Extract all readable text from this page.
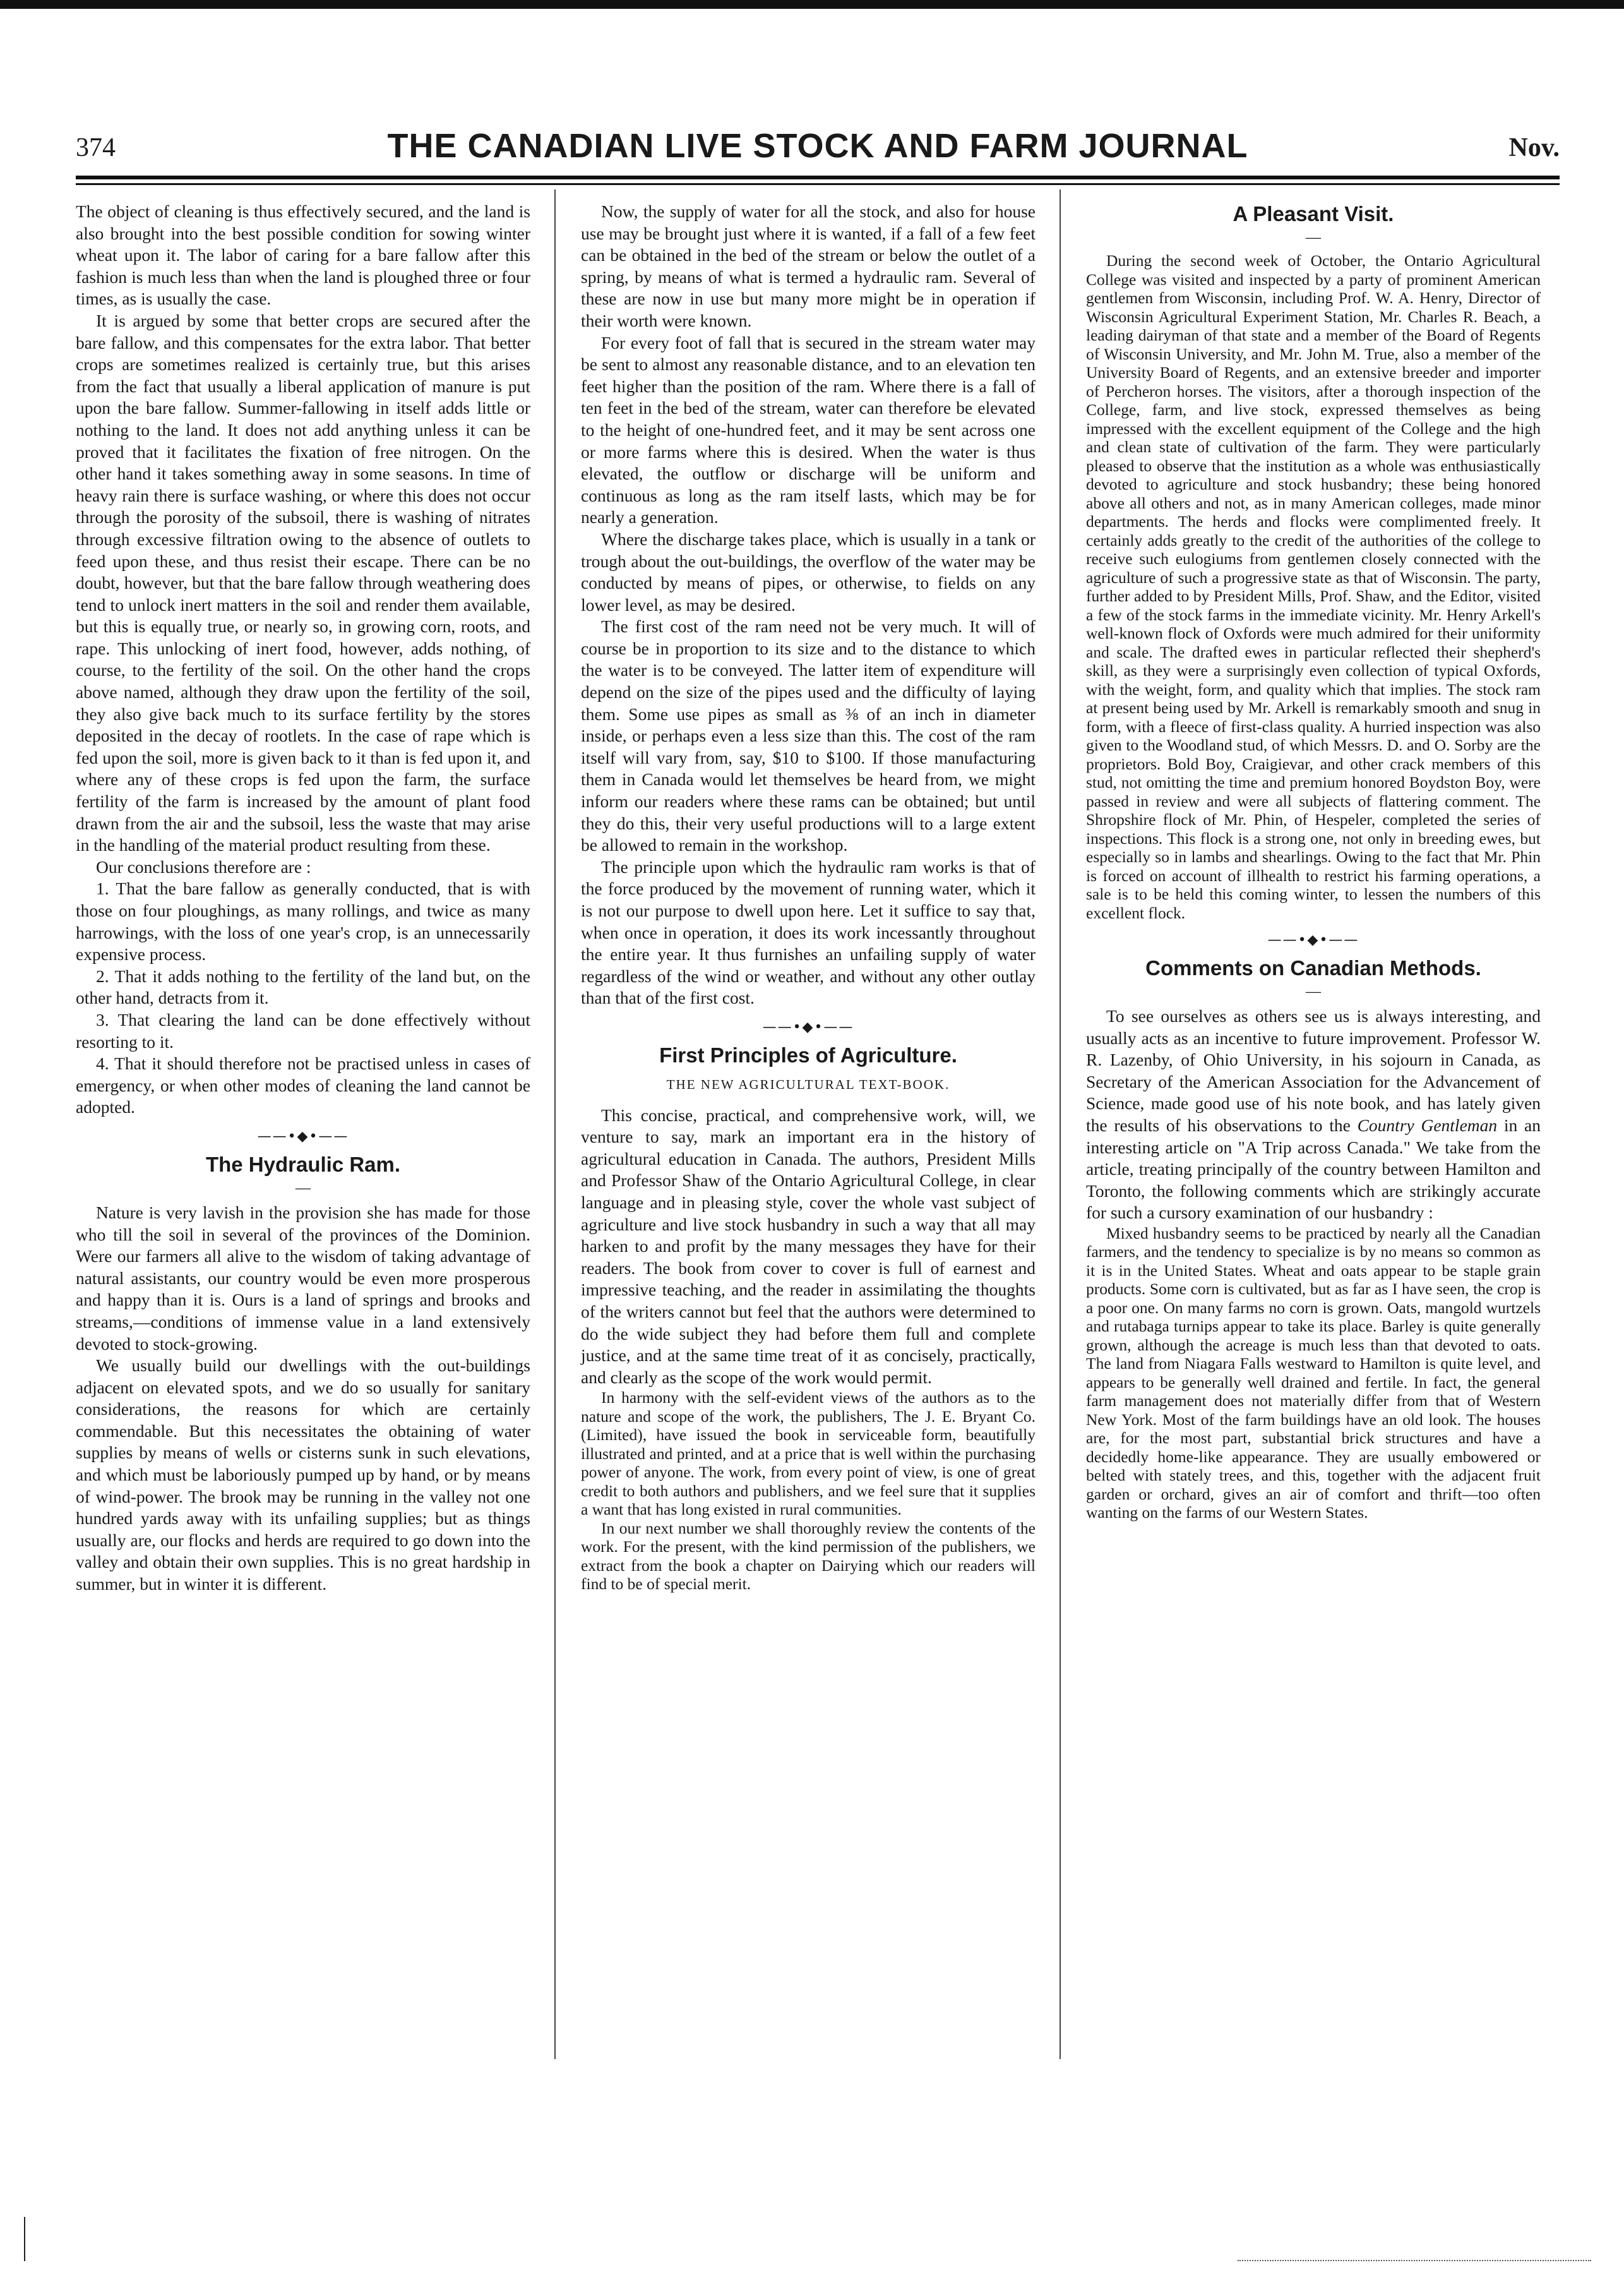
374	THE CANADIAN LIVE STOCK AND FARM JOURNAL	Nov.

The object of cleaning is thus effectively secured, and the land is also brought into the best possible condition for sowing winter wheat upon it. The labor of caring for a bare fallow after this fashion is much less than when the land is ploughed three or four times, as is usually the case.

It is argued by some that better crops are secured after the bare fallow, and this compensates for the extra labor. That better crops are sometimes realized is certainly true, but this arises from the fact that usually a liberal application of manure is put upon the bare fallow. Summer-fallowing in itself adds little or nothing to the land. It does not add anything unless it can be proved that it facilitates the fixation of free nitrogen. On the other hand it takes something away in some seasons. In time of heavy rain there is surface washing, or where this does not occur through the porosity of the subsoil, there is washing of nitrates through excessive filtration owing to the absence of outlets to feed upon these, and thus resist their escape. There can be no doubt, however, but that the bare fallow through weathering does tend to unlock inert matters in the soil and render them available, but this is equally true, or nearly so, in growing corn, roots, and rape. This unlocking of inert food, however, adds nothing, of course, to the fertility of the soil. On the other hand the crops above named, although they draw upon the fertility of the soil, they also give back much to its surface fertility by the stores deposited in the decay of rootlets. In the case of rape which is fed upon the soil, more is given back to it than is fed upon it, and where any of these crops is fed upon the farm, the surface fertility of the farm is increased by the amount of plant food drawn from the air and the subsoil, less the waste that may arise in the handling of the material product resulting from these.

Our conclusions therefore are :

1. That the bare fallow as generally conducted, that is with those on four ploughings, as many rollings, and twice as many harrowings, with the loss of one year's crop, is an unnecessarily expensive process.

2. That it adds nothing to the fertility of the land but, on the other hand, detracts from it.

3. That clearing the land can be done effectively without resorting to it.

4. That it should therefore not be practised unless in cases of emergency, or when other modes of cleaning the land cannot be adopted.

——•◆•——
The Hydraulic Ram.
—

Nature is very lavish in the provision she has made for those who till the soil in several of the provinces of the Dominion. Were our farmers all alive to the wisdom of taking advantage of natural assistants, our country would be even more prosperous and happy than it is. Ours is a land of springs and brooks and streams,—conditions of immense value in a land extensively devoted to stock-growing.

We usually build our dwellings with the out-buildings adjacent on elevated spots, and we do so usually for sanitary considerations, the reasons for which are certainly commendable. But this necessitates the obtaining of water supplies by means of wells or cisterns sunk in such elevations, and which must be laboriously pumped up by hand, or by means of wind-power. The brook may be running in the valley not one hundred yards away with its unfailing supplies; but as things usually are, our flocks and herds are required to go down into the valley and obtain their own supplies. This is no great hardship in summer, but in winter it is different.

Now, the supply of water for all the stock, and also for house use may be brought just where it is wanted, if a fall of a few feet can be obtained in the bed of the stream or below the outlet of a spring, by means of what is termed a hydraulic ram. Several of these are now in use but many more might be in operation if their worth were known.

For every foot of fall that is secured in the stream water may be sent to almost any reasonable distance, and to an elevation ten feet higher than the position of the ram. Where there is a fall of ten feet in the bed of the stream, water can therefore be elevated to the height of one-hundred feet, and it may be sent across one or more farms where this is desired. When the water is thus elevated, the outflow or discharge will be uniform and continuous as long as the ram itself lasts, which may be for nearly a generation.

Where the discharge takes place, which is usually in a tank or trough about the out-buildings, the overflow of the water may be conducted by means of pipes, or otherwise, to fields on any lower level, as may be desired.

The first cost of the ram need not be very much. It will of course be in proportion to its size and to the distance to which the water is to be conveyed. The latter item of expenditure will depend on the size of the pipes used and the difficulty of laying them. Some use pipes as small as ⅜ of an inch in diameter inside, or perhaps even a less size than this. The cost of the ram itself will vary from, say, $10 to $100. If those manufacturing them in Canada would let themselves be heard from, we might inform our readers where these rams can be obtained; but until they do this, their very useful productions will to a large extent be allowed to remain in the workshop.

The principle upon which the hydraulic ram works is that of the force produced by the movement of running water, which it is not our purpose to dwell upon here. Let it suffice to say that, when once in operation, it does its work incessantly throughout the entire year. It thus furnishes an unfailing supply of water regardless of the wind or weather, and without any other outlay than that of the first cost.

——•◆•——
First Principles of Agriculture.
THE NEW AGRICULTURAL TEXT-BOOK.

This concise, practical, and comprehensive work, will, we venture to say, mark an important era in the history of agricultural education in Canada. The authors, President Mills and Professor Shaw of the Ontario Agricultural College, in clear language and in pleasing style, cover the whole vast subject of agriculture and live stock husbandry in such a way that all may harken to and profit by the many messages they have for their readers. The book from cover to cover is full of earnest and impressive teaching, and the reader in assimilating the thoughts of the writers cannot but feel that the authors were determined to do the wide subject they had before them full and complete justice, and at the same time treat of it as concisely, practically, and clearly as the scope of the work would permit.

In harmony with the self-evident views of the authors as to the nature and scope of the work, the publishers, The J. E. Bryant Co. (Limited), have issued the book in serviceable form, beautifully illustrated and printed, and at a price that is well within the purchasing power of anyone. The work, from every point of view, is one of great credit to both authors and publishers, and we feel sure that it supplies a want that has long existed in rural communities.

In our next number we shall thoroughly review the contents of the work. For the present, with the kind permission of the publishers, we extract from the book a chapter on Dairying which our readers will find to be of special merit.

A Pleasant Visit.
—

During the second week of October, the Ontario Agricultural College was visited and inspected by a party of prominent American gentlemen from Wisconsin, including Prof. W. A. Henry, Director of Wisconsin Agricultural Experiment Station, Mr. Charles R. Beach, a leading dairyman of that state and a member of the Board of Regents of Wisconsin University, and Mr. John M. True, also a member of the University Board of Regents, and an extensive breeder and importer of Percheron horses. The visitors, after a thorough inspection of the College, farm, and live stock, expressed themselves as being impressed with the excellent equipment of the College and the high and clean state of cultivation of the farm. They were particularly pleased to observe that the institution as a whole was enthusiastically devoted to agriculture and stock husbandry; these being honored above all others and not, as in many American colleges, made minor departments. The herds and flocks were complimented freely. It certainly adds greatly to the credit of the authorities of the college to receive such eulogiums from gentlemen closely connected with the agriculture of such a progressive state as that of Wisconsin. The party, further added to by President Mills, Prof. Shaw, and the Editor, visited a few of the stock farms in the immediate vicinity. Mr. Henry Arkell's well-known flock of Oxfords were much admired for their uniformity and scale. The drafted ewes in particular reflected their shepherd's skill, as they were a surprisingly even collection of typical Oxfords, with the weight, form, and quality which that implies. The stock ram at present being used by Mr. Arkell is remarkably smooth and snug in form, with a fleece of first-class quality. A hurried inspection was also given to the Woodland stud, of which Messrs. D. and O. Sorby are the proprietors. Bold Boy, Craigievar, and other crack members of this stud, not omitting the time and premium honored Boydston Boy, were passed in review and were all subjects of flattering comment. The Shropshire flock of Mr. Phin, of Hespeler, completed the series of inspections. This flock is a strong one, not only in breeding ewes, but especially so in lambs and shearlings. Owing to the fact that Mr. Phin is forced on account of illhealth to restrict his farming operations, a sale is to be held this coming winter, to lessen the numbers of this excellent flock.

——•◆•——
Comments on Canadian Methods.
—

To see ourselves as others see us is always interesting, and usually acts as an incentive to future improvement. Professor W. R. Lazenby, of Ohio University, in his sojourn in Canada, as Secretary of the American Association for the Advancement of Science, made good use of his note book, and has lately given the results of his observations to the Country Gentleman in an interesting article on "A Trip across Canada." We take from the article, treating principally of the country between Hamilton and Toronto, the following comments which are strikingly accurate for such a cursory examination of our husbandry :

Mixed husbandry seems to be practiced by nearly all the Canadian farmers, and the tendency to specialize is by no means so common as it is in the United States. Wheat and oats appear to be staple grain products. Some corn is cultivated, but as far as I have seen, the crop is a poor one. On many farms no corn is grown. Oats, mangold wurtzels and rutabaga turnips appear to take its place. Barley is quite generally grown, although the acreage is much less than that devoted to oats. The land from Niagara Falls westward to Hamilton is quite level, and appears to be generally well drained and fertile. In fact, the general farm management does not materially differ from that of Western New York. Most of the farm buildings have an old look. The houses are, for the most part, substantial brick structures and have a decidedly home-like appearance. They are usually embowered or belted with stately trees, and this, together with the adjacent fruit garden or orchard, gives an air of comfort and thrift—too often wanting on the farms of our Western States.
